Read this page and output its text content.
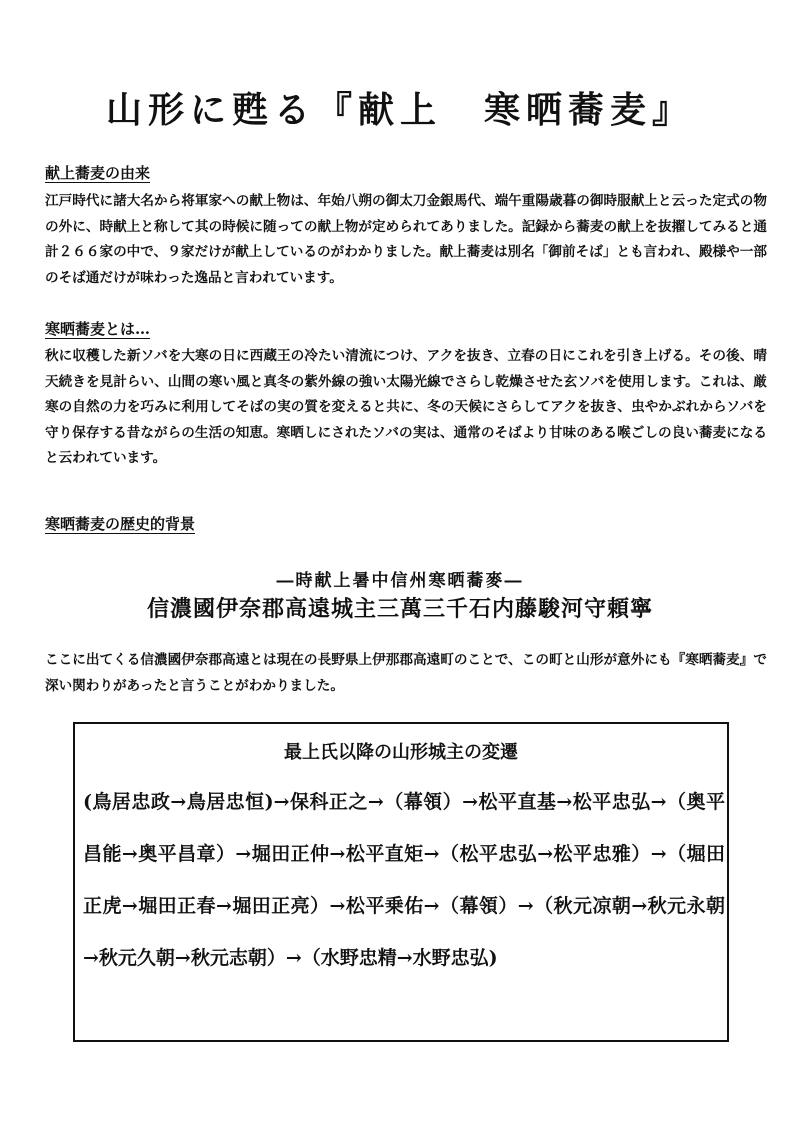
山形に甦る『献上　寒晒蕎麦』
献上蕎麦の由来
江戸時代に諸大名から将軍家への献上物は、年始八朔の御太刀金銀馬代、端午重陽歳暮の御時服献上と云った定式の物の外に、時献上と称して其の時候に随っての献上物が定められてありました。記録から蕎麦の献上を抜擢してみると通計２６６家の中で、９家だけが献上しているのがわかりました。献上蕎麦は別名「御前そば」とも言われ、殿様や一部のそば通だけが味わった逸品と言われています。
寒晒蕎麦とは…
秋に収穫した新ソバを大寒の日に西蔵王の冷たい清流につけ、アクを抜き、立春の日にこれを引き上げる。その後、晴天続きを見計らい、山間の寒い風と真冬の紫外線の強い太陽光線でさらし乾燥させた玄ソバを使用します。これは、厳寒の自然の力を巧みに利用してそばの実の質を変えると共に、冬の天候にさらしてアクを抜き、虫やかぶれからソバを守り保存する昔ながらの生活の知恵。寒晒しにされたソバの実は、通常のそばより甘味のある喉ごしの良い蕎麦になると云われています。
寒晒蕎麦の歴史的背景
―時献上暑中信州寒晒蕎麥―
信濃國伊奈郡高遠城主三萬三千石内藤駿河守頼寧
ここに出てくる信濃國伊奈郡高遠とは現在の長野県上伊那郡高遠町のことで、この町と山形が意外にも『寒晒蕎麦』で深い関わりがあったと言うことがわかりました。
最上氏以降の山形城主の変遷
(鳥居忠政→鳥居忠恒)→保科正之→（幕領）→松平直基→松平忠弘→（奥平昌能→奥平昌章）→堀田正仲→松平直矩→（松平忠弘→松平忠雅）→（堀田正虎→堀田正春→堀田正亮）→松平乗佑→（幕領）→（秋元凉朝→秋元永朝→秋元久朝→秋元志朝）→（水野忠精→水野忠弘)
